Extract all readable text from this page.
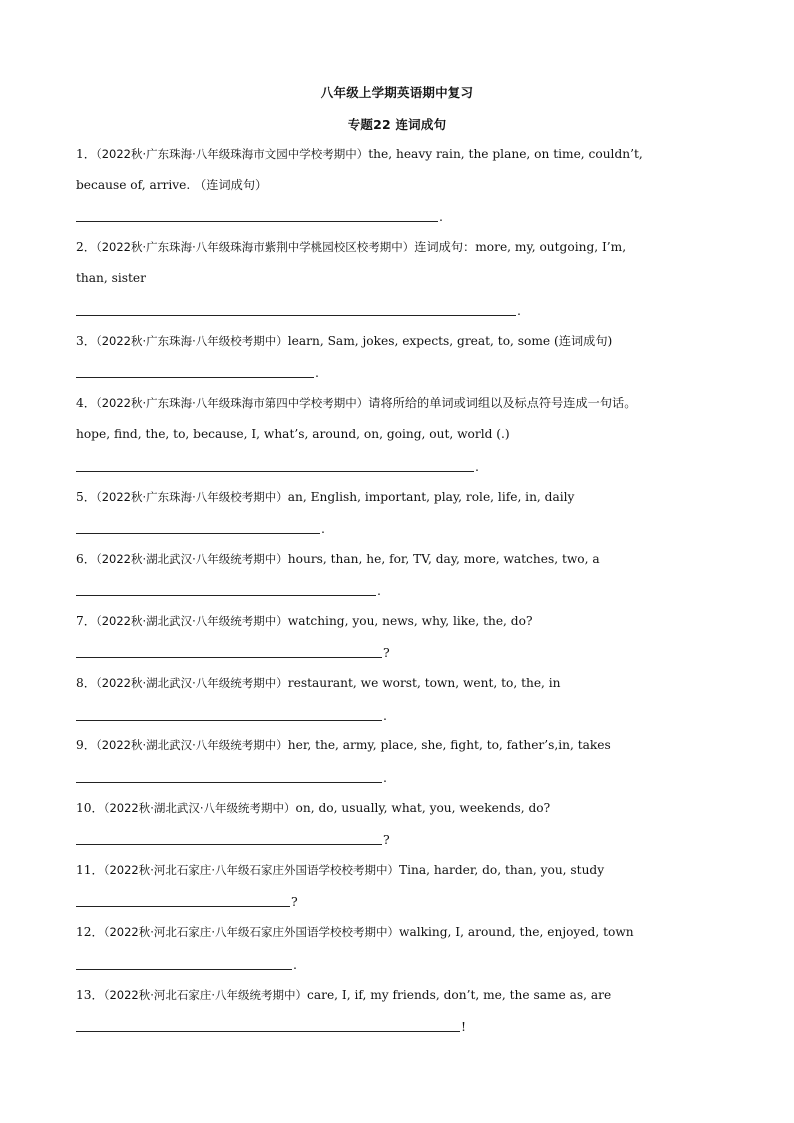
八年级上学期英语期中复习
专题22 连词成句
1．（2022秋·广东珠海·八年级珠海市文园中学校考期中）the, heavy rain, the plane, on time, couldn’t,
because of, arrive. （连词成句）
.
2．（2022秋·广东珠海·八年级珠海市紫荆中学桃园校区校考期中）连词成句：more, my, outgoing, I’m,
than, sister
.
3．（2022秋·广东珠海·八年级校考期中）learn, Sam, jokes, expects, great, to, some (连词成句)
.
4．（2022秋·广东珠海·八年级珠海市第四中学校考期中）请将所给的单词或词组以及标点符号连成一句话。
hope, find, the, to, because, I, what’s, around, on, going, out, world (.)
.
5．（2022秋·广东珠海·八年级校考期中）an, English, important, play, role, life, in, daily
.
6．（2022秋·湖北武汉·八年级统考期中）hours, than, he, for, TV, day, more, watches, two, a
.
7．（2022秋·湖北武汉·八年级统考期中）watching, you, news, why, like, the, do?
?
8．（2022秋·湖北武汉·八年级统考期中）restaurant, we worst, town, went, to, the, in
.
9．（2022秋·湖北武汉·八年级统考期中）her, the, army, place, she, fight, to, father’s,in, takes
.
10．（2022秋·湖北武汉·八年级统考期中）on, do, usually, what, you, weekends, do?
?
11．（2022秋·河北石家庄·八年级石家庄外国语学校校考期中）Tina, harder, do, than, you, study
?
12．（2022秋·河北石家庄·八年级石家庄外国语学校校考期中）walking, I, around, the, enjoyed, town
.
13．（2022秋·河北石家庄·八年级统考期中）care, I, if, my friends, don’t, me, the same as, are
!
